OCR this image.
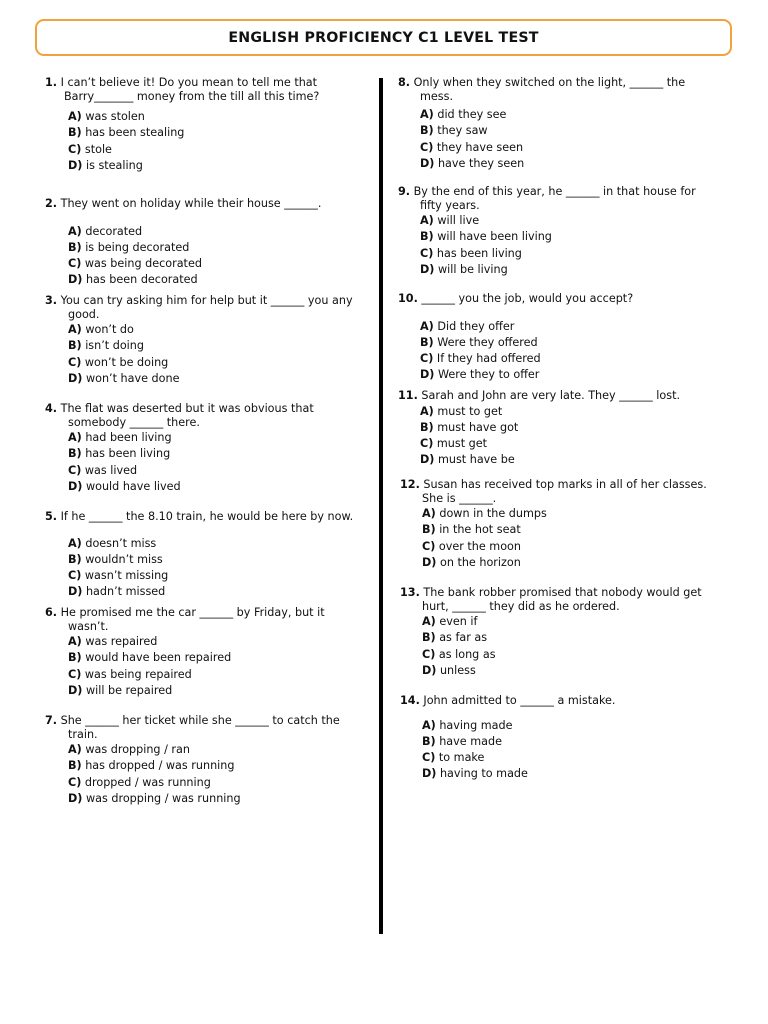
ENGLISH PROFICIENCY C1 LEVEL TEST
1. I can’t believe it! Do you mean to tell me that
Barry_______ money from the till all this time?
A) was stolen
B) has been stealing
C) stole
D) is stealing
2. They went on holiday while their house ______.
A) decorated
B) is being decorated
C) was being decorated
D) has been decorated
3. You can try asking him for help but it ______ you any
good.
A) won’t do
B) isn’t doing
C) won’t be doing
D) won’t have done
4. The flat was deserted but it was obvious that
somebody ______ there.
A) had been living
B) has been living
C) was lived
D) would have lived
5. If he ______ the 8.10 train, he would be here by now.
A) doesn’t miss
B) wouldn’t miss
C) wasn’t missing
D) hadn’t missed
6. He promised me the car ______ by Friday, but it
wasn’t.
A) was repaired
B) would have been repaired
C) was being repaired
D) will be repaired
7. She ______ her ticket while she ______ to catch the
train.
A) was dropping / ran
B) has dropped / was running
C) dropped / was running
D) was dropping / was running
8. Only when they switched on the light, ______ the
mess.
A) did they see
B) they saw
C) they have seen
D) have they seen
9. By the end of this year, he ______ in that house for
fifty years.
A) will live
B) will have been living
C) has been living
D) will be living
10. ______ you the job, would you accept?
A) Did they offer
B) Were they offered
C) If they had offered
D) Were they to offer
11. Sarah and John are very late. They ______ lost.
A) must to get
B) must have got
C) must get
D) must have be
12. Susan has received top marks in all of her classes.
She is ______.
A) down in the dumps
B) in the hot seat
C) over the moon
D) on the horizon
13. The bank robber promised that nobody would get
hurt, ______ they did as he ordered.
A) even if
B) as far as
C) as long as
D) unless
14. John admitted to ______ a mistake.
A) having made
B) have made
C) to make
D) having to made
